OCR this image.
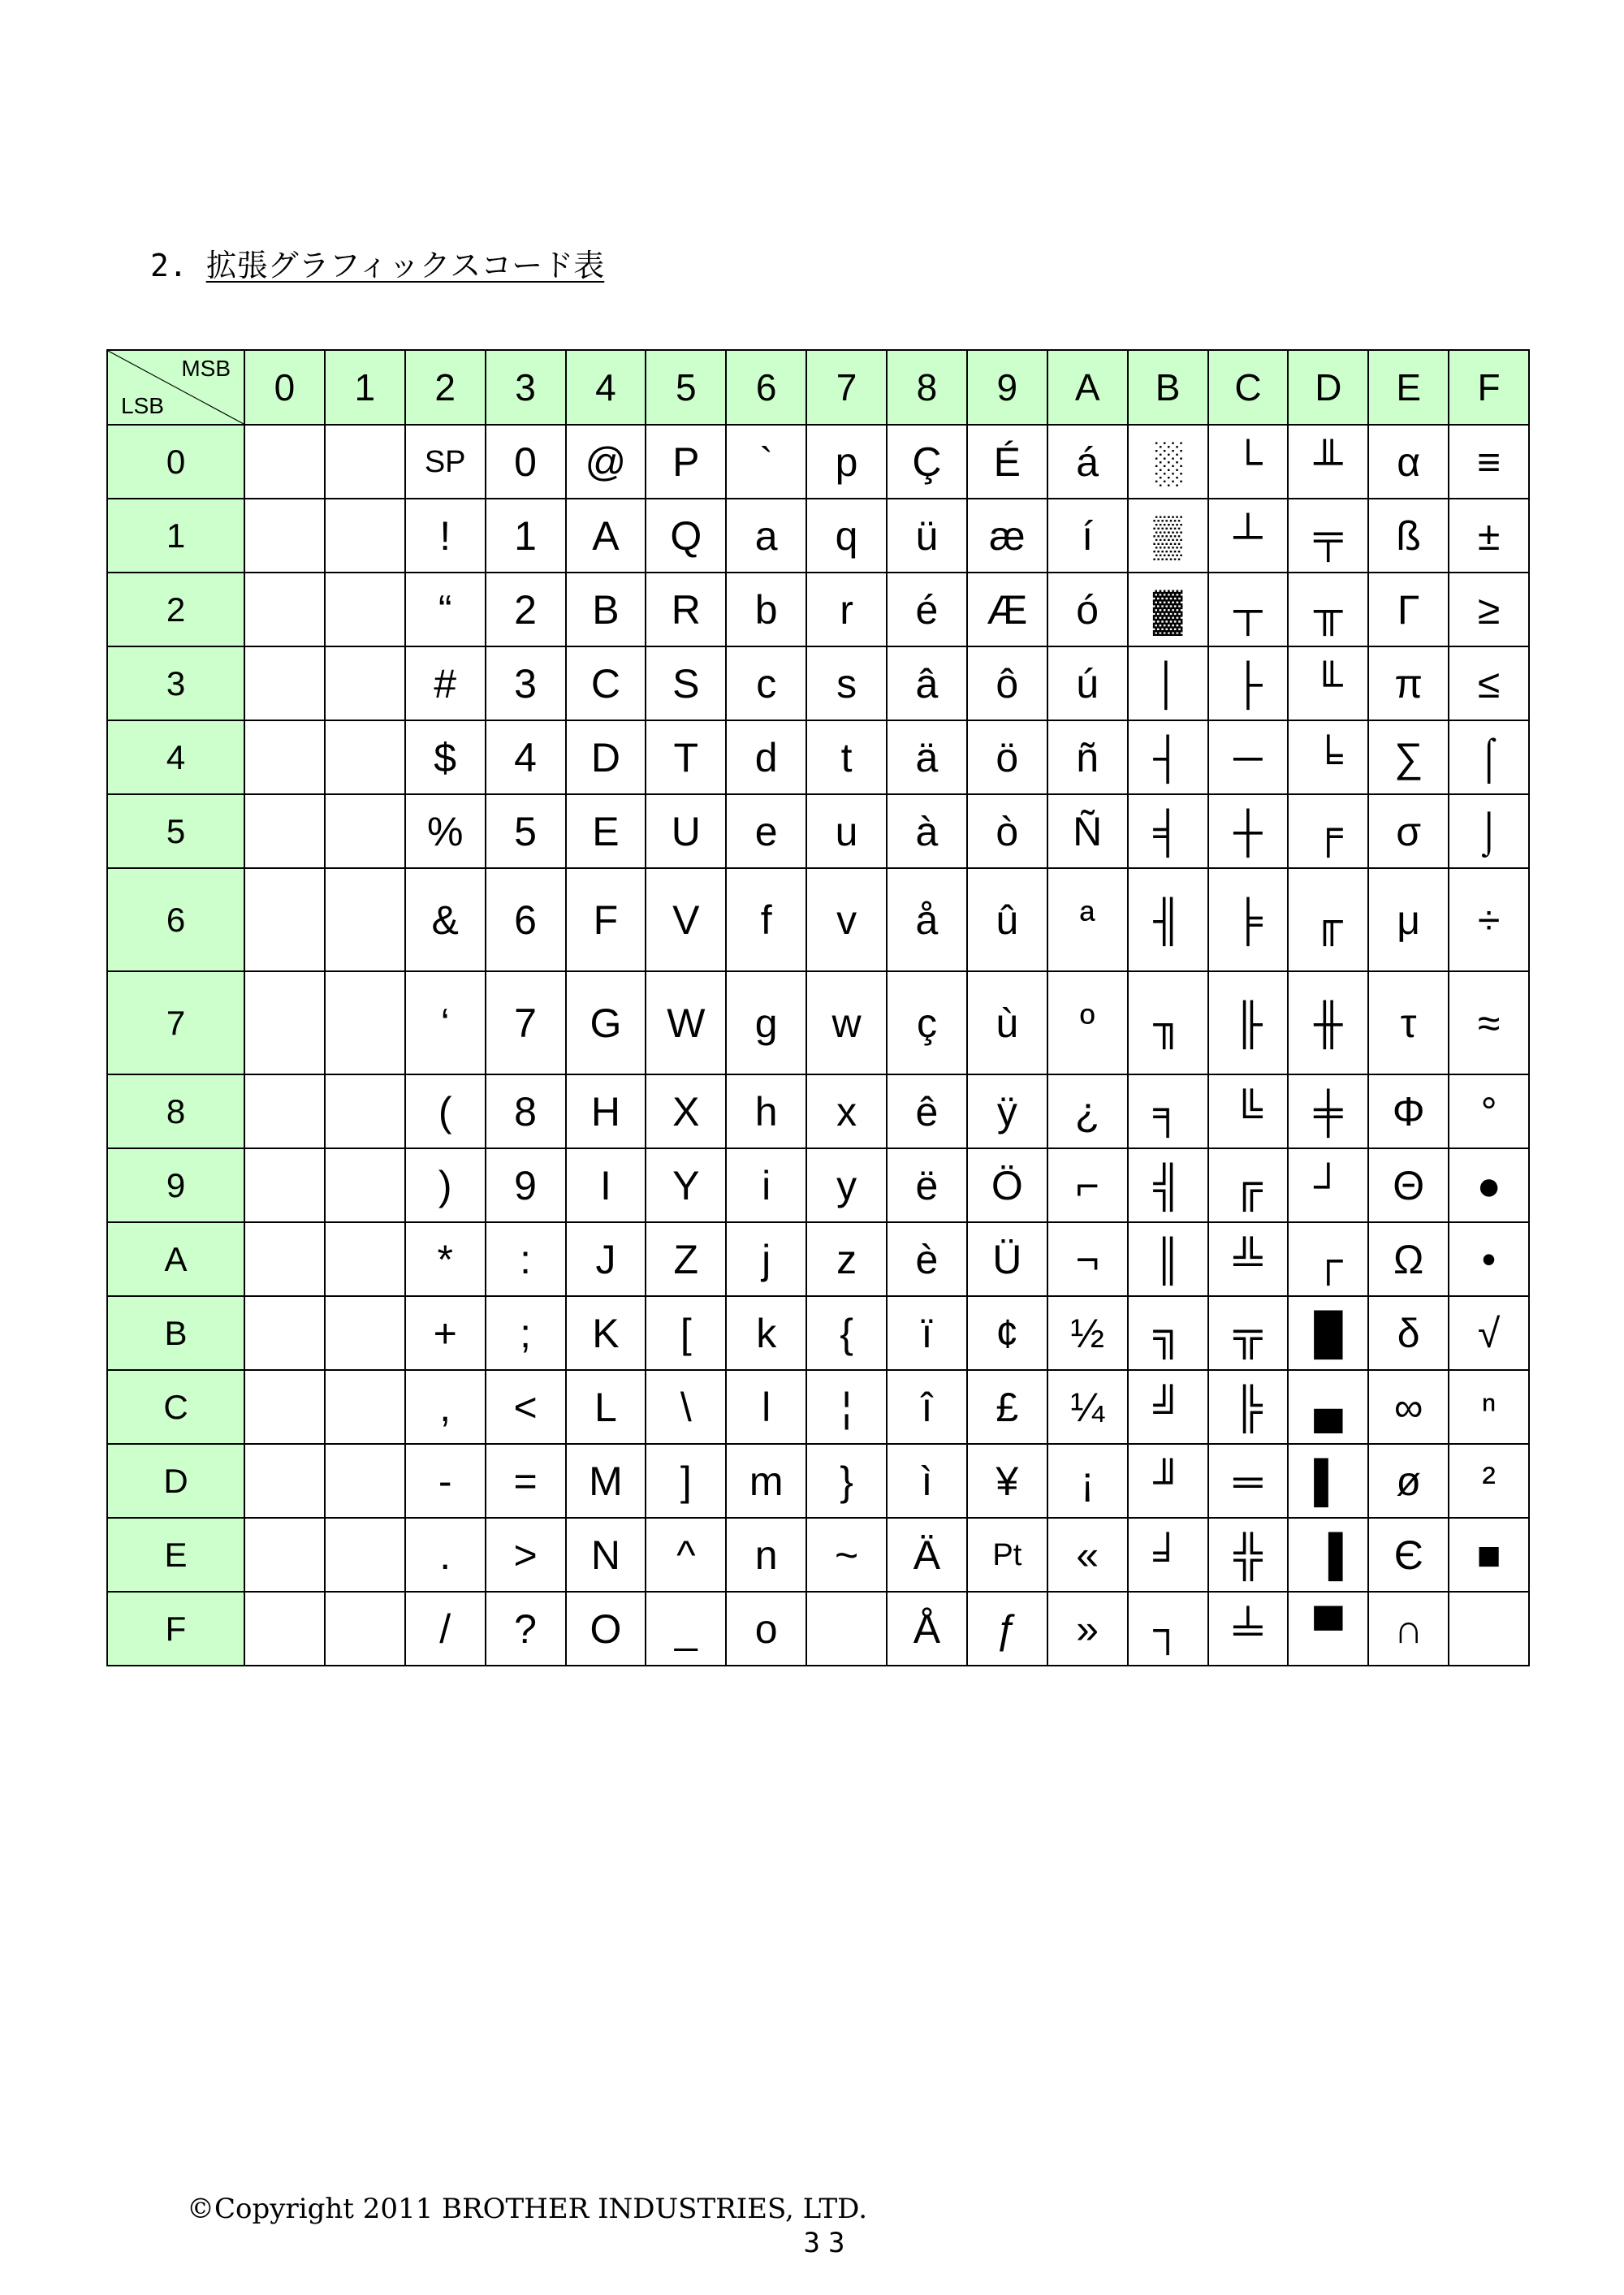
2. 拡張グラフィックスコード表
MSB
LSB	0	1	2	3	4	5	6	7	8	9	A	B	C	D	E	F
0			SP	0	@	P	`	p	Ç	É	á	░	└	╨	α	≡
1			!	1	A	Q	a	q	ü	æ	í	▒	┴	╤	ß	±
2			“	2	B	R	b	r	é	Æ	ó	▓	┬	╥	Γ	≥
3			#	3	C	S	c	s	â	ô	ú	│	├	╙	π	≤
4			$	4	D	T	d	t	ä	ö	ñ	┤	─	╘	∑	⌠
5			%	5	E	U	e	u	à	ò	Ñ	╡	┼	╒	σ	⌡
6			&	6	F	V	f	v	å	û	ª	╢	╞	╓	μ	÷
7			‘	7	G	W	g	w	ç	ù	º	╖	╟	╫	τ	≈
8			(	8	H	X	h	x	ê	ÿ	¿	╕	╚	╪	Φ	°
9			)	9	I	Y	i	y	ë	Ö	⌐	╣	╔	┘	Θ	●
A			*	:	J	Z	j	z	è	Ü	¬	║	╩	┌	Ω	•
B			+	;	K	[	k	{	ï	¢	½	╗	╦	█	δ	√
C			,	<	L	\	l	¦	î	£	¼	╝	╠	▄	∞	ⁿ
D			-	=	M	]	m	}	ì	¥	¡	╜	═	▌	ø	²
E			.	>	N	^	n	~	Ä	Pt	«	╛	╬	▐	Є	■
F			/	?	O	_	o		Å	ƒ	»	┐	╧	▀	∩	
©Copyright 2011 BROTHER INDUSTRIES, LTD.
33
